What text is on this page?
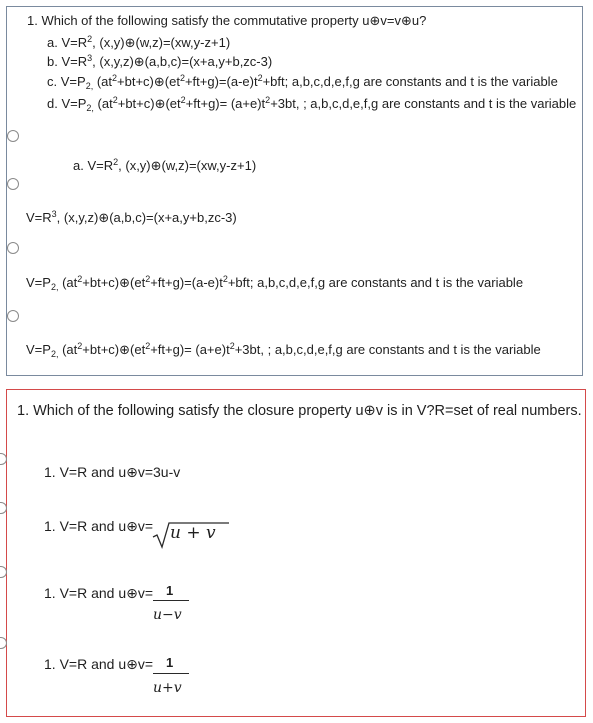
1. Which of the following satisfy the commutative property u⊕v=v⊕u?
a. $V=R^2$, (x,y)⊕(w,z)=(xw,y-z+1)
b. $V=R^3$, (x,y,z)⊕(a,b,c)=(x+a,y+b,zc-3)
c. $V=P_{2,}$ $(at^2+bt+c)\oplus(et^2+ft+g)=(a-e)t^2+bft$; a,b,c,d,e,f,g are constants and t is the variable
d. $V=P_{2,}$ $(at^2+bt+c)\oplus(et^2+ft+g)= (a+e)t^2+3bt$, ; a,b,c,d,e,f,g are constants and t is the variable
a. $V=R^2$, (x,y)⊕(w,z)=(xw,y-z+1)
$V=R^3$, (x,y,z)⊕(a,b,c)=(x+a,y+b,zc-3)
$V=P_{2,}$ $(at^2+bt+c)\oplus(et^2+ft+g)=(a-e)t^2+bft$; a,b,c,d,e,f,g are constants and t is the variable
$V=P_{2,}$ $(at^2+bt+c)\oplus(et^2+ft+g)= (a+e)t^2+3bt$, ; a,b,c,d,e,f,g are constants and t is the variable
1. Which of the following satisfy the closure property u⊕v is in V?R=set of real numbers.
1. V=R and u⊕v=3u-v
1. V=R and u⊕v= u + v
1. V=R and u⊕v= 1
u−v
1. V=R and u⊕v= 1
u+v
